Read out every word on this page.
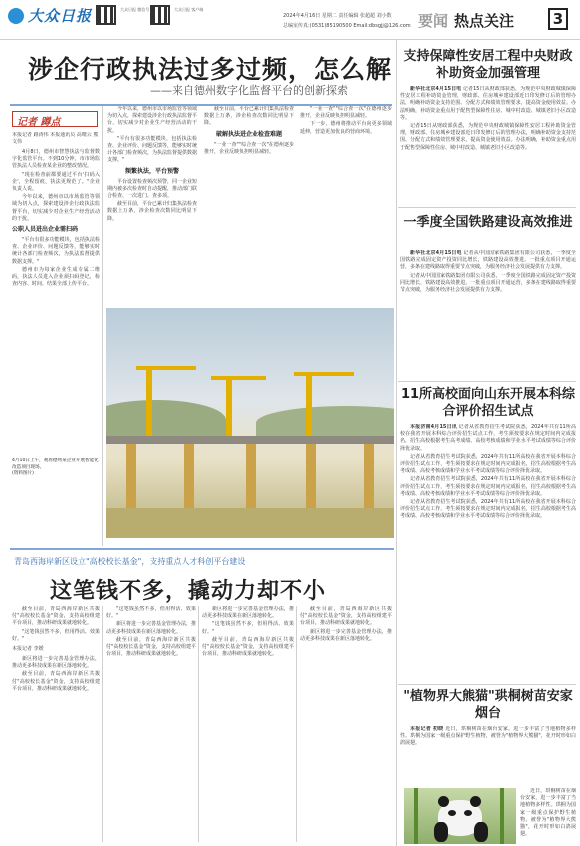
大众日报	大众日报 微信号	大众日报 客户端
2024年4月16日 星期二 责任编辑 张超超 刘小数
总编室传真:(0531)85190500 Email:dbsgjj@126.com 要闻 热点关注	3
涉企行政执法过多过频，怎么解
——来自德州数字化监督平台的创新探索
记者 蹲点
本报记者 路涛伟 本报通讯员 高晴云 熊文伟

4月8日，德州市智慧执法与监督数字化监管平台。不到10分钟，市市场监管执法人员检查某企业的整改情况。

"现在检查前都要通过平台'扫码入企'，全程留痕，执法更规范了。"企业负责人说。

今年以来，德州市以市场监管等领域为切入点，探索建设涉企行政执法监督平台，切实减少对企业生产经营活动的干扰。

公职人员进出企业需扫码

"平台有很多功能模块，包括执法检查、企业评价、问题反馈等，能够实时统计各部门检查频次，为执法监督提供数据支撑。"

德州市为每家企业生成专属二维码，执法人员进入企业须扫码登记，检查内容、时间、结果全部上传平台。

4月10日上午，观看德州某企业开展智能化改造项目现场。
(资料图片)

今年以来，德州市以市场监管等领域为切入点，探索建设涉企行政执法监督平台，切实减少对企业生产经营活动的干扰。

"平台有很多功能模块，包括执法检查、企业评价、问题反馈等，能够实时统计各部门检查频次，为执法监督提供数据支撑。"

频繁执法，平台预警

平台设置检查频次预警，同一企业短期内被多次检查时自动提醒，推动部门联合检查、一次进门、查多项。

截至目前，平台已累计归集执法检查数据上万条，涉企检查次数同比明显下降。

截至目前，平台已累计归集执法检查数据上万条，涉企检查次数同比明显下降。

破解执法进企业检查难题

"一业一查""综合查一次"在德州逐步推开，企业反映负担明显减轻。

"一业一查""综合查一次"在德州逐步推开，企业反映负担明显减轻。

下一步，德州将推动平台向更多领域延伸，营造更加优良的营商环境。

支持保障性安居工程中央财政补助资金加强管理

新华社北京4月15日电 记者15日从财政部获悉，为规范中央财政城镇保障性安居工程补助资金管理，财政部、住房城乡建设部近日印发修订后的管理办法，明确补助资金支持范围、分配方式和绩效管理要求，提高资金使用效益。办法明确，补助资金重点用于配售型保障性住房、城中村改造、城镇老旧小区改造等。

记者15日从财政部获悉，为规范中央财政城镇保障性安居工程补助资金管理，财政部、住房城乡建设部近日印发修订后的管理办法，明确补助资金支持范围、分配方式和绩效管理要求，提高资金使用效益。办法明确，补助资金重点用于配售型保障性住房、城中村改造、城镇老旧小区改造等。

一季度全国铁路建设高效推进

新华社北京4月15日电 记者从中国国家铁路集团有限公司获悉，一季度全国铁路完成固定资产投资同比增长，铁路建设高效推进。一批重点项目开通运营，多条在建线路取得重要节点突破，为服务经济社会发展提供有力支撑。

记者从中国国家铁路集团有限公司获悉，一季度全国铁路完成固定资产投资同比增长，铁路建设高效推进。一批重点项目开通运营，多条在建线路取得重要节点突破，为服务经济社会发展提供有力支撑。

11所高校面向山东开展本科综合评价招生试点

本报济南4月15日讯 记者从省教育招生考试院获悉，2024年共有11所高校在我省开展本科综合评价招生试点工作，考生须按要求在规定时间内完成报名，招生高校根据考生高考成绩、高校考核成绩和学业水平考试成绩等综合评价择优录取。

记者从省教育招生考试院获悉，2024年共有11所高校在我省开展本科综合评价招生试点工作，考生须按要求在规定时间内完成报名，招生高校根据考生高考成绩、高校考核成绩和学业水平考试成绩等综合评价择优录取。

记者从省教育招生考试院获悉，2024年共有11所高校在我省开展本科综合评价招生试点工作，考生须按要求在规定时间内完成报名，招生高校根据考生高考成绩、高校考核成绩和学业水平考试成绩等综合评价择优录取。

记者从省教育招生考试院获悉，2024年共有11所高校在我省开展本科综合评价招生试点工作，考生须按要求在规定时间内完成报名，招生高校根据考生高考成绩、高校考核成绩和学业水平考试成绩等综合评价择优录取。

"植物界大熊猫"珙桐树苗安家烟台

本报记者 初晓 近日，珙桐树苗在烟台安家，进一步丰富了当地植物多样性。珙桐为国家一级重点保护野生植物，被誉为"植物界大熊猫"，花开时形如白鸽展翅。

近日，珙桐树苗在烟台安家，进一步丰富了当地植物多样性。珙桐为国家一级重点保护野生植物，被誉为"植物界大熊猫"，花开时形如白鸽展翅。

青岛西海岸新区设立"高校校长基金"，支持重点人才科创平台建设
这笔钱不多，撬动力却不小

截至目前，青岛西海岸新区共拨付"高校校长基金"资金，支持高校组建平台项目，推动科研成果就地转化。

"这笔钱虽然不多，但用得活、效果好。"

本报记者 李媛

新区将进一步完善基金管理办法，推动更多科技成果在新区落地转化。

截至目前，青岛西海岸新区共拨付"高校校长基金"资金，支持高校组建平台项目，推动科研成果就地转化。

"这笔钱虽然不多，但用得活、效果好。"

新区将进一步完善基金管理办法，推动更多科技成果在新区落地转化。

截至目前，青岛西海岸新区共拨付"高校校长基金"资金，支持高校组建平台项目，推动科研成果就地转化。

新区将进一步完善基金管理办法，推动更多科技成果在新区落地转化。

"这笔钱虽然不多，但用得活、效果好。"

截至目前，青岛西海岸新区共拨付"高校校长基金"资金，支持高校组建平台项目，推动科研成果就地转化。

截至目前，青岛西海岸新区共拨付"高校校长基金"资金，支持高校组建平台项目，推动科研成果就地转化。

新区将进一步完善基金管理办法，推动更多科技成果在新区落地转化。
